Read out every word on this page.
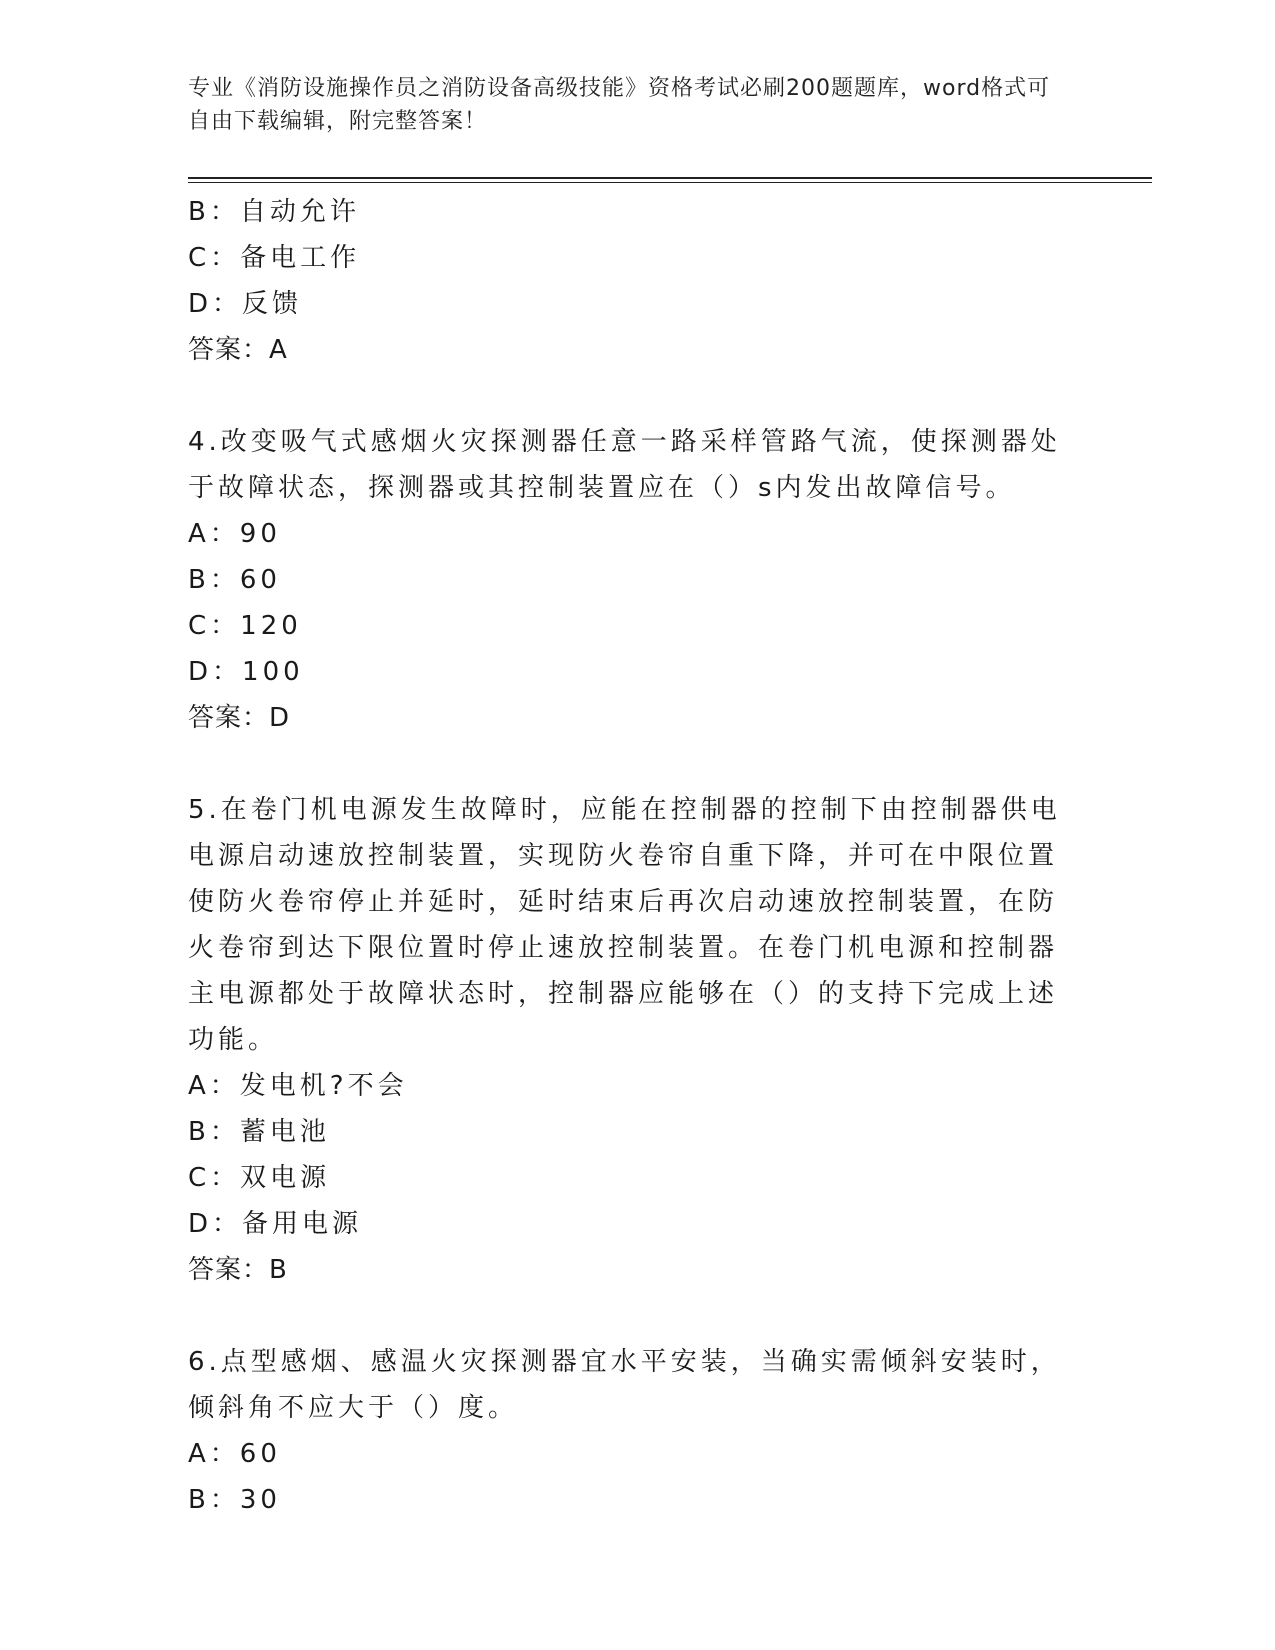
专业《消防设施操作员之消防设备高级技能》资格考试必刷200题题库，word格式可自由下载编辑，附完整答案！
B：自动允许
C：备电工作
D：反馈
答案：A
4.改变吸气式感烟火灾探测器任意一路采样管路气流，使探测器处于故障状态，探测器或其控制装置应在（）s内发出故障信号。
A：90
B：60
C：120
D：100
答案：D
5.在卷门机电源发生故障时，应能在控制器的控制下由控制器供电电源启动速放控制装置，实现防火卷帘自重下降，并可在中限位置使防火卷帘停止并延时，延时结束后再次启动速放控制装置，在防火卷帘到达下限位置时停止速放控制装置。在卷门机电源和控制器主电源都处于故障状态时，控制器应能够在（）的支持下完成上述功能。
A：发电机?不会
B：蓄电池
C：双电源
D：备用电源
答案：B
6.点型感烟、感温火灾探测器宜水平安装，当确实需倾斜安装时，倾斜角不应大于（）度。
A：60
B：30
